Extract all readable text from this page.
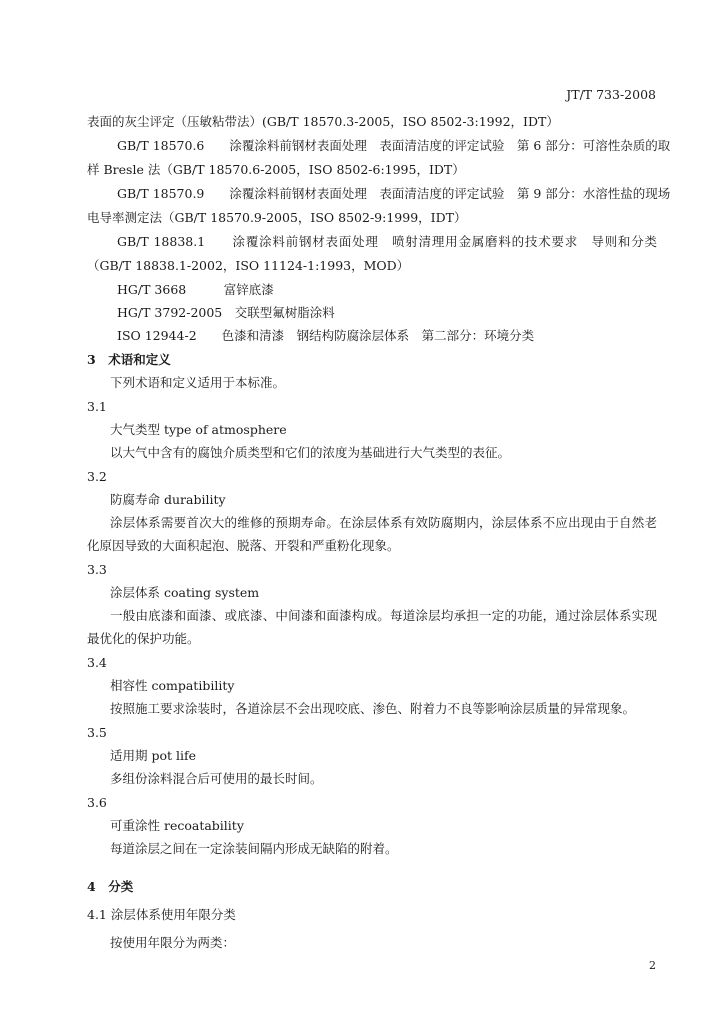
JT/T 733-2008
表面的灰尘评定（压敏粘带法）(GB/T 18570.3-2005，ISO 8502-3:1992，IDT）
GB/T 18570.6　　涂覆涂料前钢材表面处理　表面清洁度的评定试验　第 6 部分：可溶性杂质的取
样 Bresle 法（GB/T 18570.6-2005，ISO 8502-6:1995，IDT）
GB/T 18570.9　　涂覆涂料前钢材表面处理　表面清洁度的评定试验　第 9 部分：水溶性盐的现场
电导率测定法（GB/T 18570.9-2005，ISO 8502-9:1999，IDT）
GB/T 18838.1　　涂覆涂料前钢材表面处理　喷射清理用金属磨料的技术要求　导则和分类
（GB/T 18838.1-2002，ISO 11124-1:1993，MOD）
HG/T 3668　　　富锌底漆
HG/T 3792-2005　交联型氟树脂涂料
ISO 12944-2　　色漆和清漆　钢结构防腐涂层体系　第二部分：环境分类
3　术语和定义
下列术语和定义适用于本标准。
3.1
大气类型 type of atmosphere
以大气中含有的腐蚀介质类型和它们的浓度为基础进行大气类型的表征。
3.2
防腐寿命 durability
涂层体系需要首次大的维修的预期寿命。在涂层体系有效防腐期内，涂层体系不应出现由于自然老
化原因导致的大面积起泡、脱落、开裂和严重粉化现象。
3.3
涂层体系 coating system
一般由底漆和面漆、或底漆、中间漆和面漆构成。每道涂层均承担一定的功能，通过涂层体系实现
最优化的保护功能。
3.4
相容性 compatibility
按照施工要求涂装时，各道涂层不会出现咬底、渗色、附着力不良等影响涂层质量的异常现象。
3.5
适用期 pot life
多组份涂料混合后可使用的最长时间。
3.6
可重涂性 recoatability
每道涂层之间在一定涂装间隔内形成无缺陷的附着。
4　分类
4.1 涂层体系使用年限分类
按使用年限分为两类：
2
